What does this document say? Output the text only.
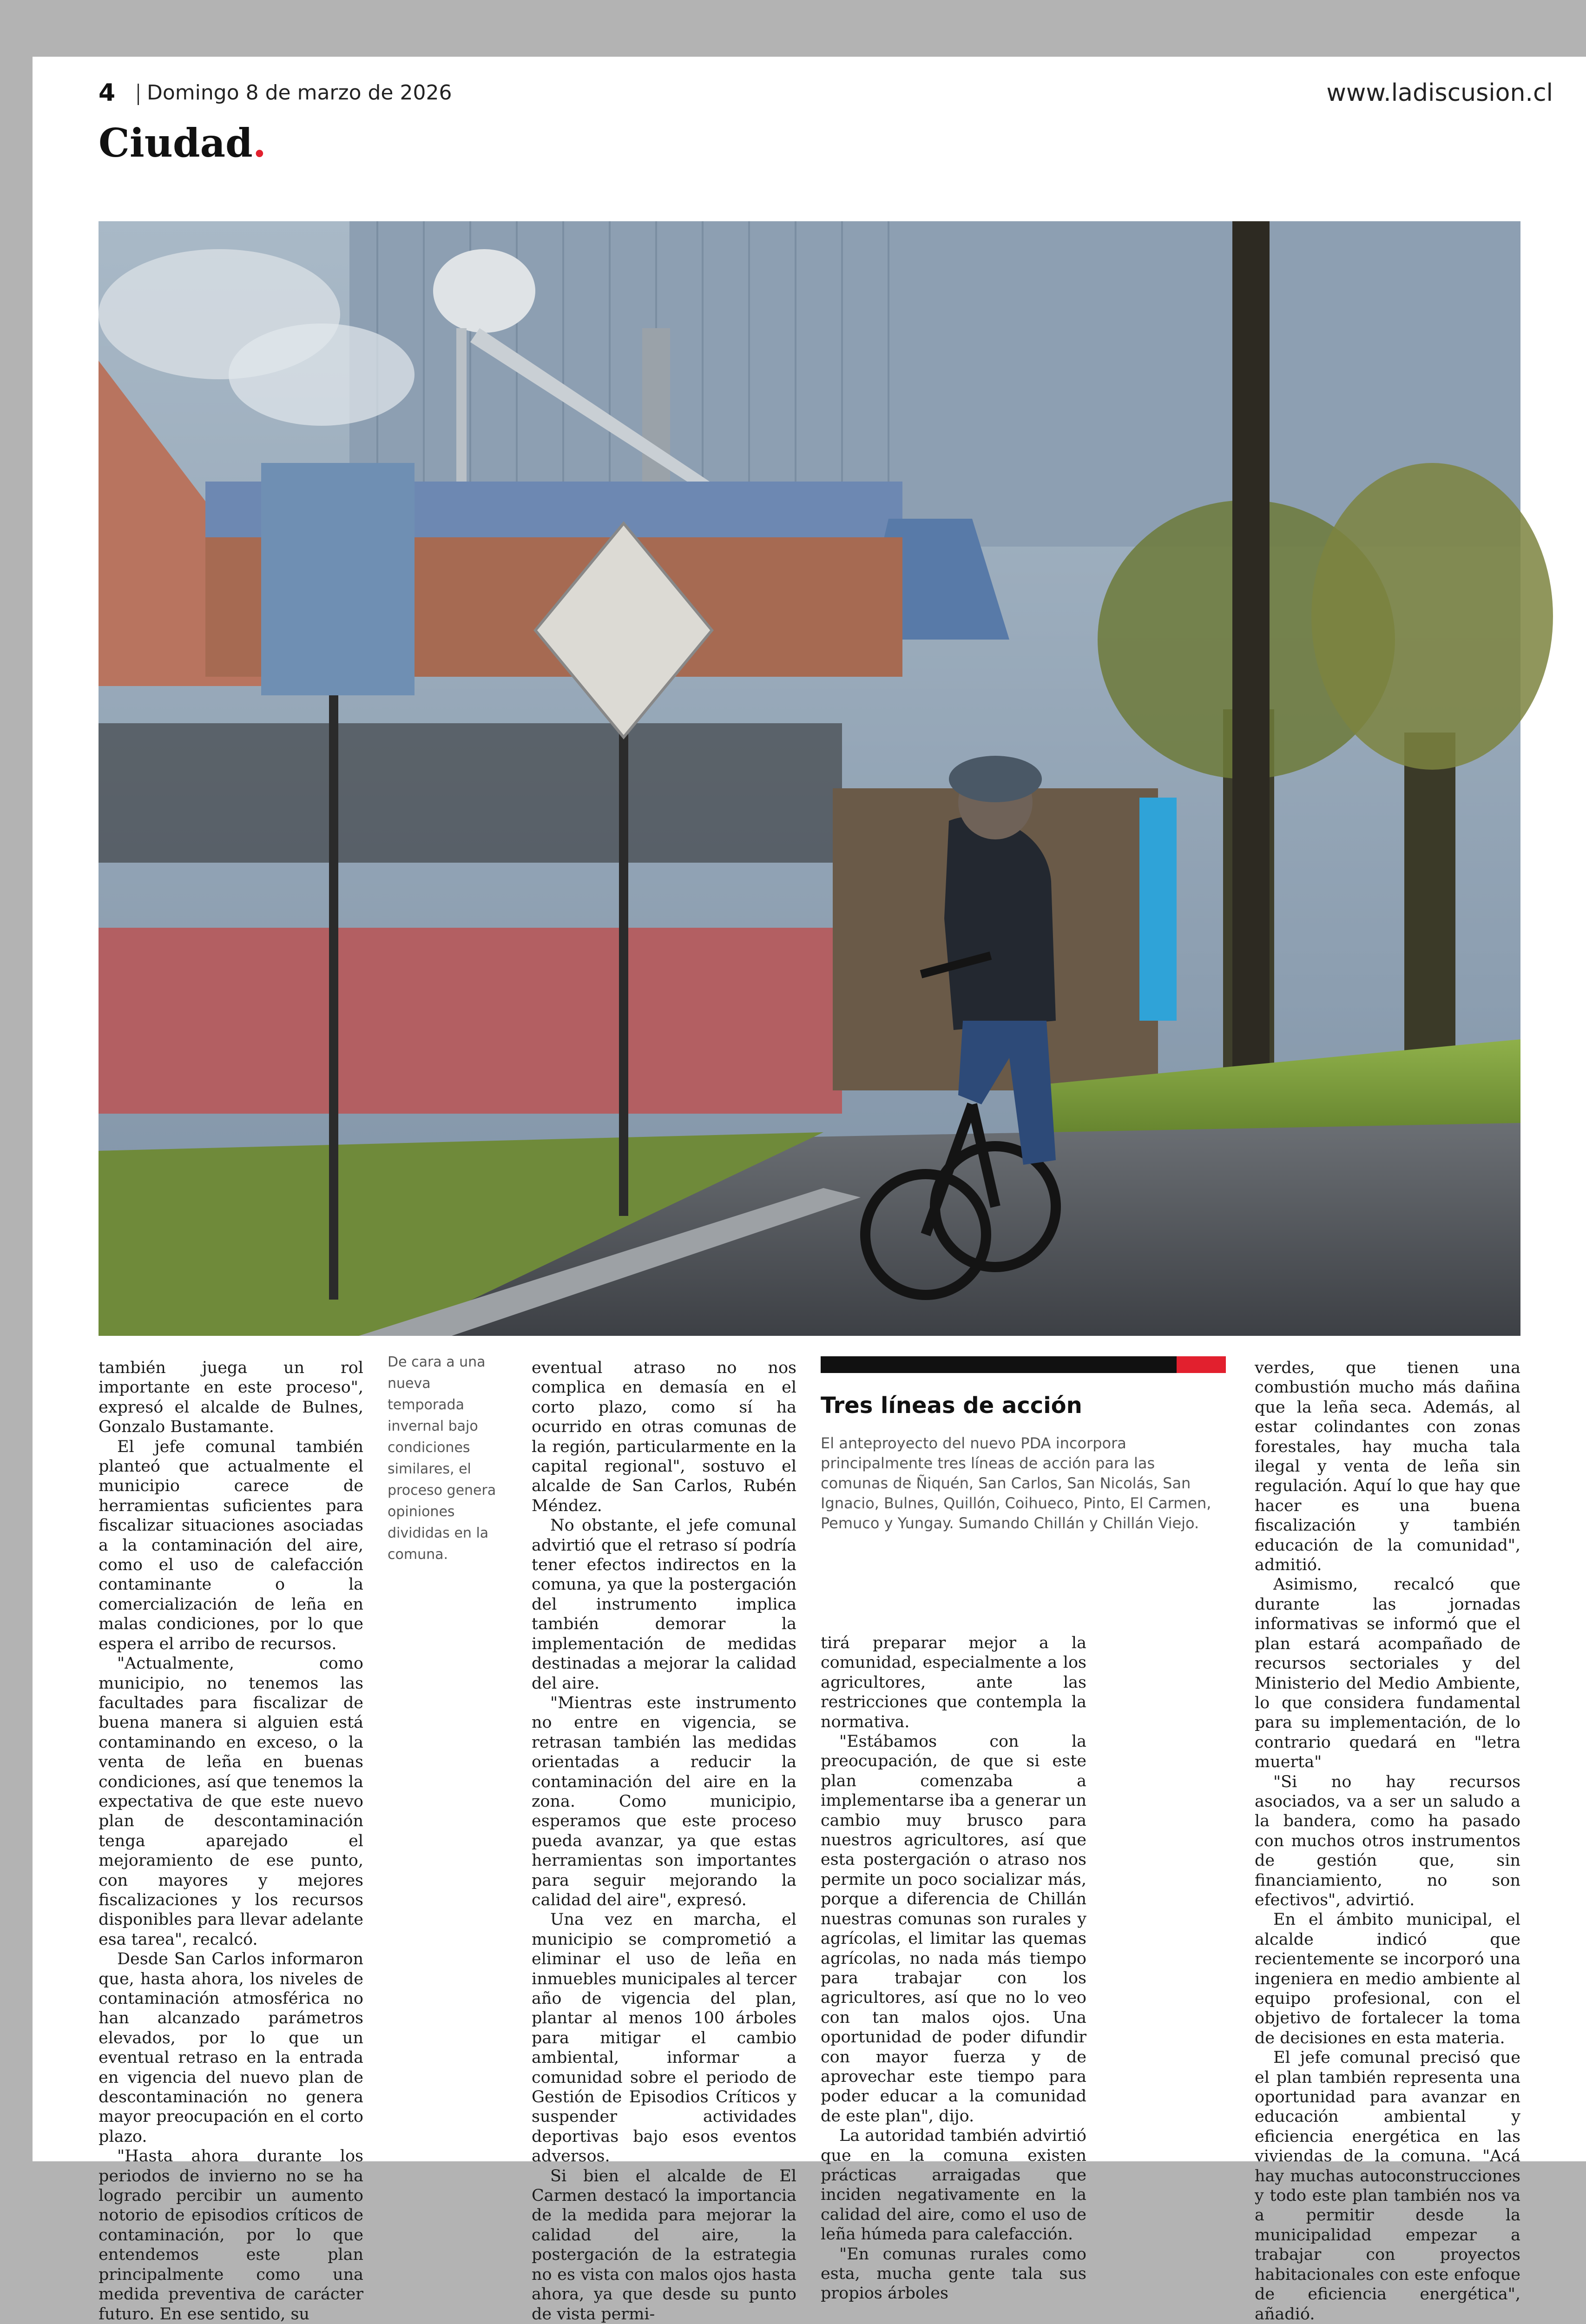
4 Domingo 8 de marzo de 2026	www.ladiscusion.cl
Ciudad.

también juega un rol importante en este proceso", expresó el alcalde de Bulnes, Gonzalo Bustamante.

El jefe comunal también planteó que actualmente el municipio carece de herramientas suficientes para fiscalizar situaciones asociadas a la contaminación del aire, como el uso de calefacción contaminante o la comercialización de leña en malas condiciones, por lo que espera el arribo de recursos.

"Actualmente, como municipio, no tenemos las facultades para fiscalizar de buena manera si alguien está contaminando en exceso, o la venta de leña en buenas condiciones, así que tenemos la expectativa de que este nuevo plan de descontaminación tenga aparejado el mejoramiento de ese punto, con mayores y mejores fiscalizaciones y los recursos disponibles para llevar adelante esa tarea", recalcó.

Desde San Carlos informaron que, hasta ahora, los niveles de contaminación atmosférica no han alcanzado parámetros elevados, por lo que un eventual retraso en la entrada en vigencia del nuevo plan de descontaminación no genera mayor preocupación en el corto plazo.

"Hasta ahora durante los periodos de invierno no se ha logrado percibir un aumento notorio de episodios críticos de contaminación, por lo que entendemos este plan principalmente como una medida preventiva de carácter futuro. En ese sentido, su

De cara a una nueva temporada invernal bajo condiciones similares, el proceso genera opiniones divididas en la comuna.

eventual atraso no nos complica en demasía en el corto plazo, como sí ha ocurrido en otras comunas de la región, particularmente en la capital regional", sostuvo el alcalde de San Carlos, Rubén Méndez.

No obstante, el jefe comunal advirtió que el retraso sí podría tener efectos indirectos en la comuna, ya que la postergación del instrumento implica también demorar la implementación de medidas destinadas a mejorar la calidad del aire.

"Mientras este instrumento no entre en vigencia, se retrasan también las medidas orientadas a reducir la contaminación del aire en la zona. Como municipio, esperamos que este proceso pueda avanzar, ya que estas herramientas son importantes para seguir mejorando la calidad del aire", expresó.

Una vez en marcha, el municipio se comprometió a eliminar el uso de leña en inmuebles municipales al tercer año de vigencia del plan, plantar al menos 100 árboles para mitigar el cambio ambiental, informar a comunidad sobre el periodo de Gestión de Episodios Críticos y suspender actividades deportivas bajo esos eventos adversos.

Si bien el alcalde de El Carmen destacó la importancia de la medida para mejorar la calidad del aire, la postergación de la estrategia no es vista con malos ojos hasta ahora, ya que desde su punto de vista permi-

Tres líneas de acción
El anteproyecto del nuevo PDA incorpora principalmente tres líneas de acción para las comunas de Ñiquén, San Carlos, San Nicolás, San Ignacio, Bulnes, Quillón, Coihueco, Pinto, El Carmen, Pemuco y Yungay. Sumando Chillán y Chillán Viejo.

tirá preparar mejor a la comunidad, especialmente a los agricultores, ante las restricciones que contempla la normativa.

"Estábamos con la preocupación, de que si este plan comenzaba a implementarse iba a generar un cambio muy brusco para nuestros agricultores, así que esta postergación o atraso nos permite un poco socializar más, porque a diferencia de Chillán nuestras comunas son rurales y agrícolas, el limitar las quemas agrícolas, no nada más tiempo para trabajar con los agricultores, así que no lo veo con tan malos ojos. Una oportunidad de poder difundir con mayor fuerza y de aprovechar este tiempo para poder educar a la comunidad de este plan", dijo.

La autoridad también advirtió que en la comuna existen prácticas arraigadas que inciden negativamente en la calidad del aire, como el uso de leña húmeda para calefacción.

"En comunas rurales como esta, mucha gente tala sus propios árboles

verdes, que tienen una combustión mucho más dañina que la leña seca. Además, al estar colindantes con zonas forestales, hay mucha tala ilegal y venta de leña sin regulación. Aquí lo que hay que hacer es una buena fiscalización y también educación de la comunidad", admitió.

Asimismo, recalcó que durante las jornadas informativas se informó que el plan estará acompañado de recursos sectoriales y del Ministerio del Medio Ambiente, lo que considera fundamental para su implementación, de lo contrario quedará en "letra muerta"

"Si no hay recursos asociados, va a ser un saludo a la bandera, como ha pasado con muchos otros instrumentos de gestión que, sin financiamiento, no son efectivos", advirtió.

En el ámbito municipal, el alcalde indicó que recientemente se incorporó una ingeniera en medio ambiente al equipo profesional, con el objetivo de fortalecer la toma de decisiones en esta materia.

El jefe comunal precisó que el plan también representa una oportunidad para avanzar en educación ambiental y eficiencia energética en las viviendas de la comuna. "Acá hay muchas autoconstrucciones y todo este plan también nos va a permitir desde la municipalidad empezar a trabajar con proyectos habitacionales con este enfoque de eficiencia energética", añadió.
